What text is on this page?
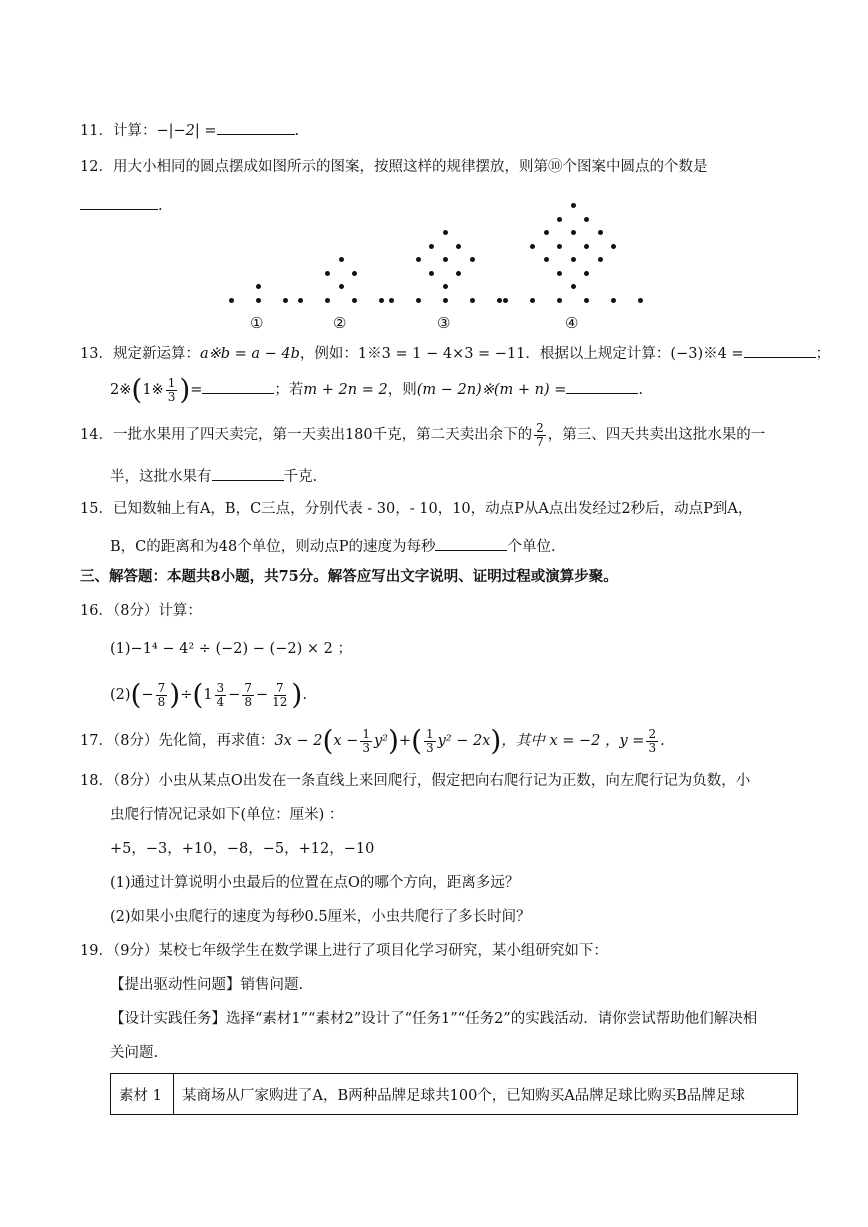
11．计算：−|−2| =	.
12．用大小相同的圆点摆成如图所示的图案，按照这样的规律摆放，则第⑩个图案中圆点的个数是
.
①	②	③	④
13．规定新运算：a※b = a − 4b，例如：1※3 = 1 − 4×3 = −11．根据以上规定计算：(−3)※4 =	；
2※(1※ $\frac{1}{3}$ )=	；若m + 2n = 2，则(m − 2n)※(m + n) =	.
14．一批水果用了四天卖完，第一天卖出180千克，第二天卖出余下的 $\frac{2}{7}$ ，第三、四天共卖出这批水果的一
半，这批水果有	千克.
15．已知数轴上有A，B，C三点，分别代表 - 30，- 10，10，动点P从A点出发经过2秒后，动点P到A，
B，C的距离和为48个单位，则动点P的速度为每秒	个单位.
三、解答题：本题共8小题，共75分。解答应写出文字说明、证明过程或演算步聚。
16．（8分）计算：
(1)−1⁴ − 4² ÷ (−2) − (−2) × 2 ；
$(2)(- \frac{7}{8} )\div(1 \frac{3}{4} - \frac{7}{8} - \frac{7}{12}$ ).
17．（8分）先化简，再求值：$3x - 2(x - \frac{1}{3} y^2)+( \frac{1}{3} y^2 - 2x)$，其中 x = −2 ，$y = \frac{2}{3}$ .
18．（8分）小虫从某点O出发在一条直线上来回爬行，假定把向右爬行记为正数，向左爬行记为负数，小
虫爬行情况记录如下(单位：厘米) ：
+5，−3，+10，−8，−5，+12，−10
(1)通过计算说明小虫最后的位置在点O的哪个方向，距离多远？
(2)如果小虫爬行的速度为每秒0.5厘米，小虫共爬行了多长时间？
19．（9分）某校七年级学生在数学课上进行了项目化学习研究，某小组研究如下：
【提出驱动性问题】销售问题.
【设计实践任务】选择“素材1”“素材2”设计了“任务1”“任务2”的实践活动．请你尝试帮助他们解决相
关问题.
素材 1	某商场从厂家购进了A，B两种品牌足球共100个，已知购买A品牌足球比购买B品牌足球
